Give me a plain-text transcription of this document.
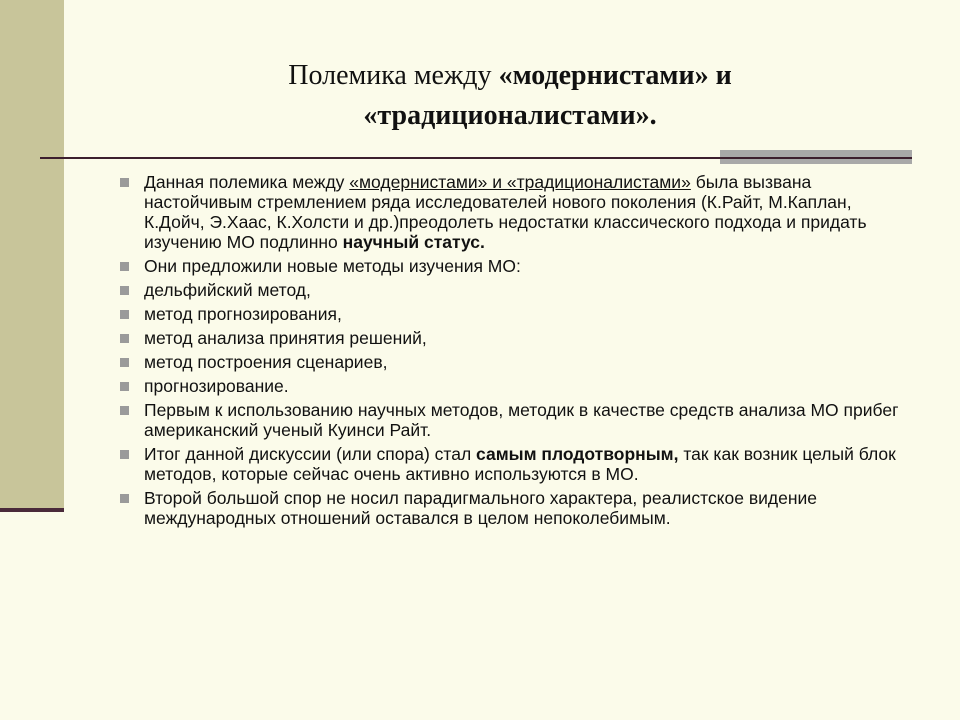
Полемика между «модернистами» и
«традиционалистами».
Данная полемика между «модернистами» и «традиционалистами» была вызвана настойчивым стремлением ряда исследователей нового поколения (К.Райт, М.Каплан, К.Дойч, Э.Хаас, К.Холсти и др.)преодолеть недостатки классического подхода и придать изучению МО подлинно научный статус.
Они предложили новые методы изучения МО:
дельфийский метод,
метод прогнозирования,
метод анализа принятия решений,
метод построения сценариев,
прогнозирование.
Первым к использованию научных методов, методик в качестве средств анализа МО прибег американский ученый Куинси Райт.
Итог данной дискуссии (или спора) стал самым плодотворным, так как возник целый блок методов, которые сейчас очень активно используются в МО.
Второй большой спор не носил парадигмального характера, реалистское видение международных отношений оставался в целом непоколебимым.
